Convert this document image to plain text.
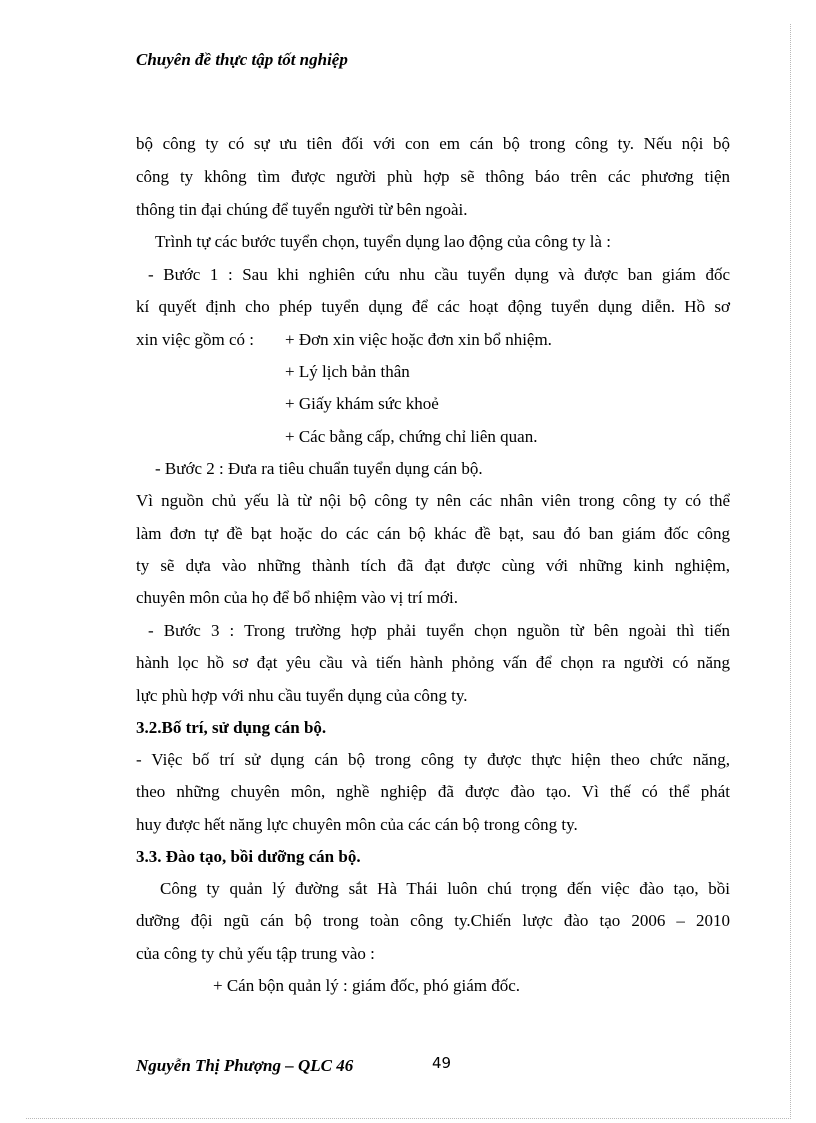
Chuyên đề thực tập tốt nghiệp
bộ công ty có sự ưu tiên đối với con em cán bộ trong công ty. Nếu nội bộ
công ty không tìm được người phù hợp sẽ thông báo trên các phương tiện
thông tin đại chúng để tuyển người từ bên ngoài.
Trình tự các bước tuyển chọn, tuyển dụng lao động của công ty là :
- Bước 1 : Sau khi nghiên cứu nhu cầu tuyển dụng và được ban giám đốc
kí quyết định cho phép tuyển dụng để các hoạt động tuyển dụng diễn. Hồ sơ
xin việc gồm có : + Đơn xin việc hoặc đơn xin bổ nhiệm.
+ Lý lịch bản thân
+ Giấy khám sức khoẻ
+ Các bằng cấp, chứng chỉ liên quan.
- Bước 2 : Đưa ra tiêu chuẩn tuyển dụng cán bộ.
Vì nguồn chủ yếu là từ nội bộ công ty nên các nhân viên trong công ty có thể
làm đơn tự đề bạt hoặc do các cán bộ khác đề bạt, sau đó ban giám đốc công
ty sẽ dựa vào những thành tích đã đạt được cùng với những kinh nghiệm,
chuyên môn của họ để bổ nhiệm vào vị trí mới.
- Bước 3 : Trong trường hợp phải tuyển chọn nguồn từ bên ngoài thì tiến
hành lọc hồ sơ đạt yêu cầu và tiến hành phỏng vấn để chọn ra người có năng
lực phù hợp với nhu cầu tuyển dụng của công ty.
3.2.Bố trí, sử dụng cán bộ.
- Việc bố trí sử dụng cán bộ trong công ty được thực hiện theo chức năng,
theo những chuyên môn, nghề nghiệp đã được đào tạo. Vì thế có thể phát
huy được hết năng lực chuyên môn của các cán bộ trong công ty.
3.3. Đào tạo, bồi dưỡng cán bộ.
Công ty quản lý đường sắt Hà Thái luôn chú trọng đến việc đào tạo, bồi
dưỡng đội ngũ cán bộ trong toàn công ty.Chiến lược đào tạo 2006 – 2010
của công ty chủ yếu tập trung vào :
+ Cán bộn quản lý : giám đốc, phó giám đốc.
Nguyễn Thị Phượng – QLC 46	49
